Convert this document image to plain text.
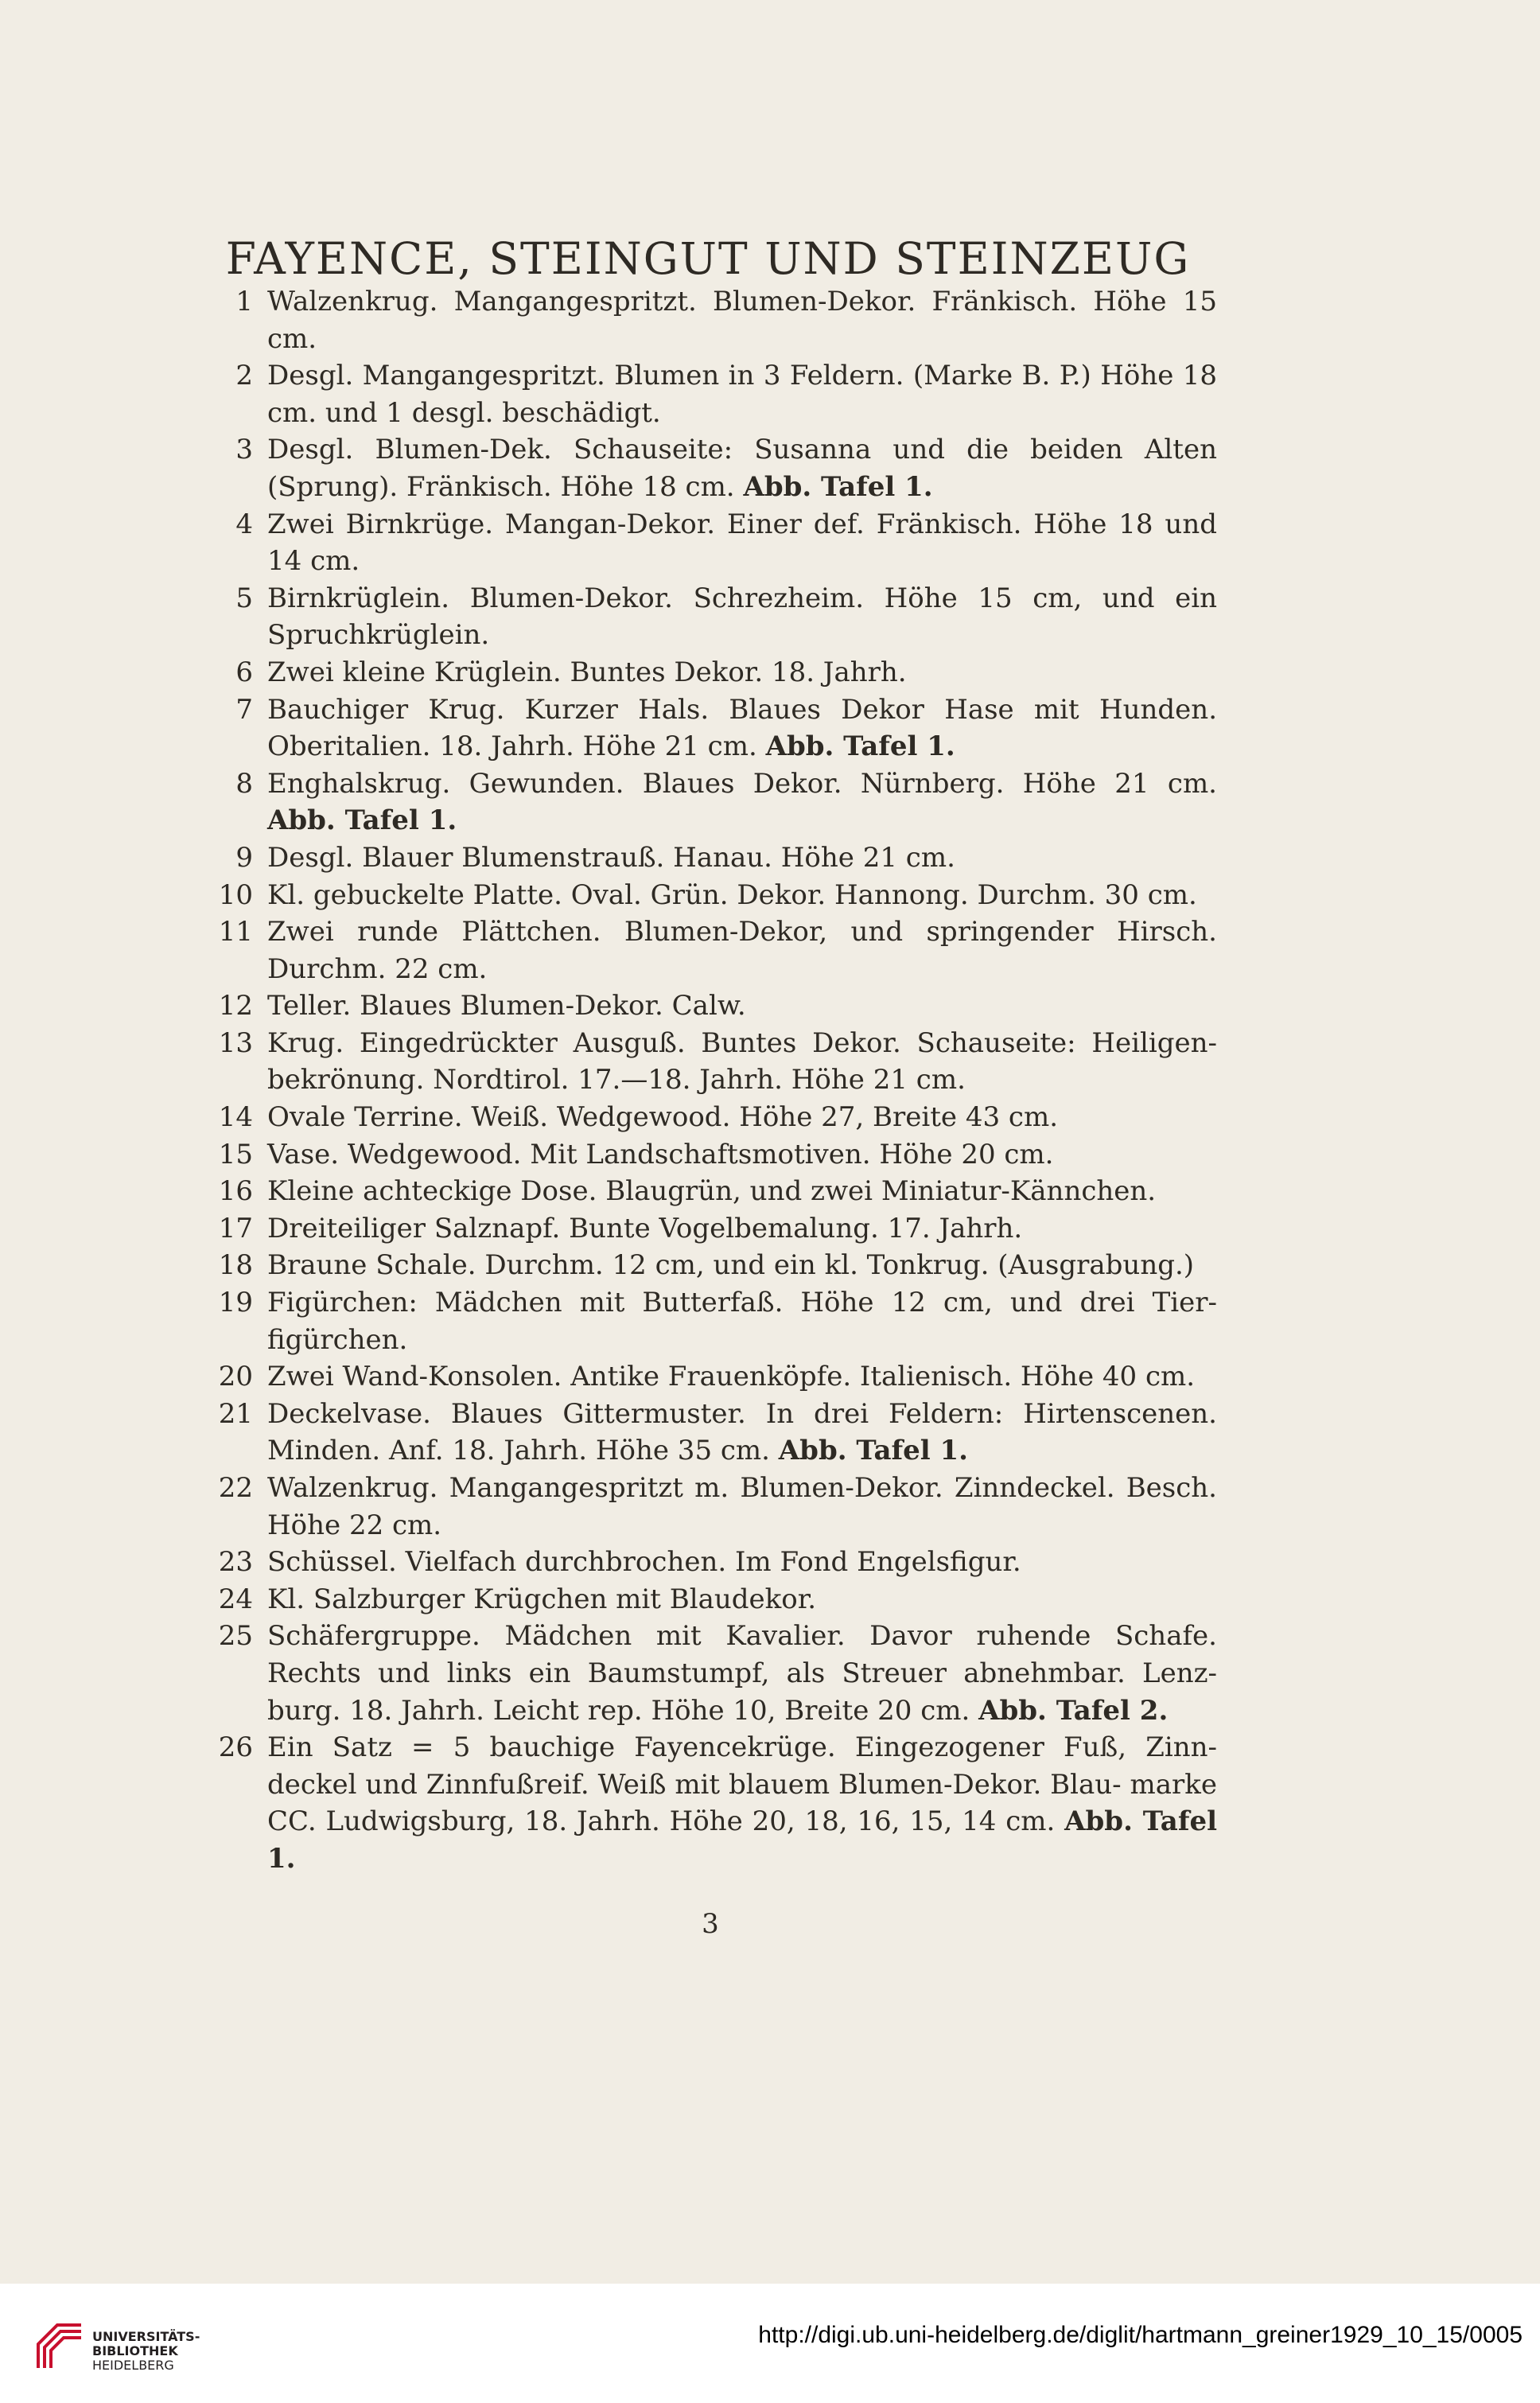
FAYENCE, STEINGUT UND STEINZEUG
1 Walzenkrug. Mangangespritzt. Blumen-Dekor. Fränkisch. Höhe 15 cm.
2 Desgl. Mangangespritzt. Blumen in 3 Feldern. (Marke B. P.) Höhe 18 cm. und 1 desgl. beschädigt.
3 Desgl. Blumen-Dek. Schauseite: Susanna und die beiden Alten (Sprung). Fränkisch. Höhe 18 cm. Abb. Tafel 1.
4 Zwei Birnkrüge. Mangan-Dekor. Einer def. Fränkisch. Höhe 18 und 14 cm.
5 Birnkrüglein. Blumen-Dekor. Schrezheim. Höhe 15 cm, und ein Spruchkrüglein.
6 Zwei kleine Krüglein. Buntes Dekor. 18. Jahrh.
7 Bauchiger Krug. Kurzer Hals. Blaues Dekor Hase mit Hunden. Oberitalien. 18. Jahrh. Höhe 21 cm. Abb. Tafel 1.
8 Enghalskrug. Gewunden. Blaues Dekor. Nürnberg. Höhe 21 cm. Abb. Tafel 1.
9 Desgl. Blauer Blumenstrauß. Hanau. Höhe 21 cm.
10 Kl. gebuckelte Platte. Oval. Grün. Dekor. Hannong. Durchm. 30 cm.
11 Zwei runde Plättchen. Blumen-Dekor, und springender Hirsch. Durchm. 22 cm.
12 Teller. Blaues Blumen-Dekor. Calw.
13 Krug. Eingedrückter Ausguß. Buntes Dekor. Schauseite: Heiligen- bekrönung. Nordtirol. 17.—18. Jahrh. Höhe 21 cm.
14 Ovale Terrine. Weiß. Wedgewood. Höhe 27, Breite 43 cm.
15 Vase. Wedgewood. Mit Landschaftsmotiven. Höhe 20 cm.
16 Kleine achteckige Dose. Blaugrün, und zwei Miniatur-Kännchen.
17 Dreiteiliger Salznapf. Bunte Vogelbemalung. 17. Jahrh.
18 Braune Schale. Durchm. 12 cm, und ein kl. Tonkrug. (Ausgrabung.)
19 Figürchen: Mädchen mit Butterfaß. Höhe 12 cm, und drei Tier- figürchen.
20 Zwei Wand-Konsolen. Antike Frauenköpfe. Italienisch. Höhe 40 cm.
21 Deckelvase. Blaues Gittermuster. In drei Feldern: Hirtenscenen. Minden. Anf. 18. Jahrh. Höhe 35 cm. Abb. Tafel 1.
22 Walzenkrug. Mangangespritzt m. Blumen-Dekor. Zinndeckel. Besch. Höhe 22 cm.
23 Schüssel. Vielfach durchbrochen. Im Fond Engelsfigur.
24 Kl. Salzburger Krügchen mit Blaudekor.
25 Schäfergruppe. Mädchen mit Kavalier. Davor ruhende Schafe. Rechts und links ein Baumstumpf, als Streuer abnehmbar. Lenz- burg. 18. Jahrh. Leicht rep. Höhe 10, Breite 20 cm. Abb. Tafel 2.
26 Ein Satz = 5 bauchige Fayencekrüge. Eingezogener Fuß, Zinn- deckel und Zinnfußreif. Weiß mit blauem Blumen-Dekor. Blau- marke CC. Ludwigsburg, 18. Jahrh. Höhe 20, 18, 16, 15, 14 cm. Abb. Tafel 1.
3
UNIVERSITÄTS-
BIBLIOTHEK
HEIDELBERG
http://digi.ub.uni-heidelberg.de/diglit/hartmann_greiner1929_10_15/0005
